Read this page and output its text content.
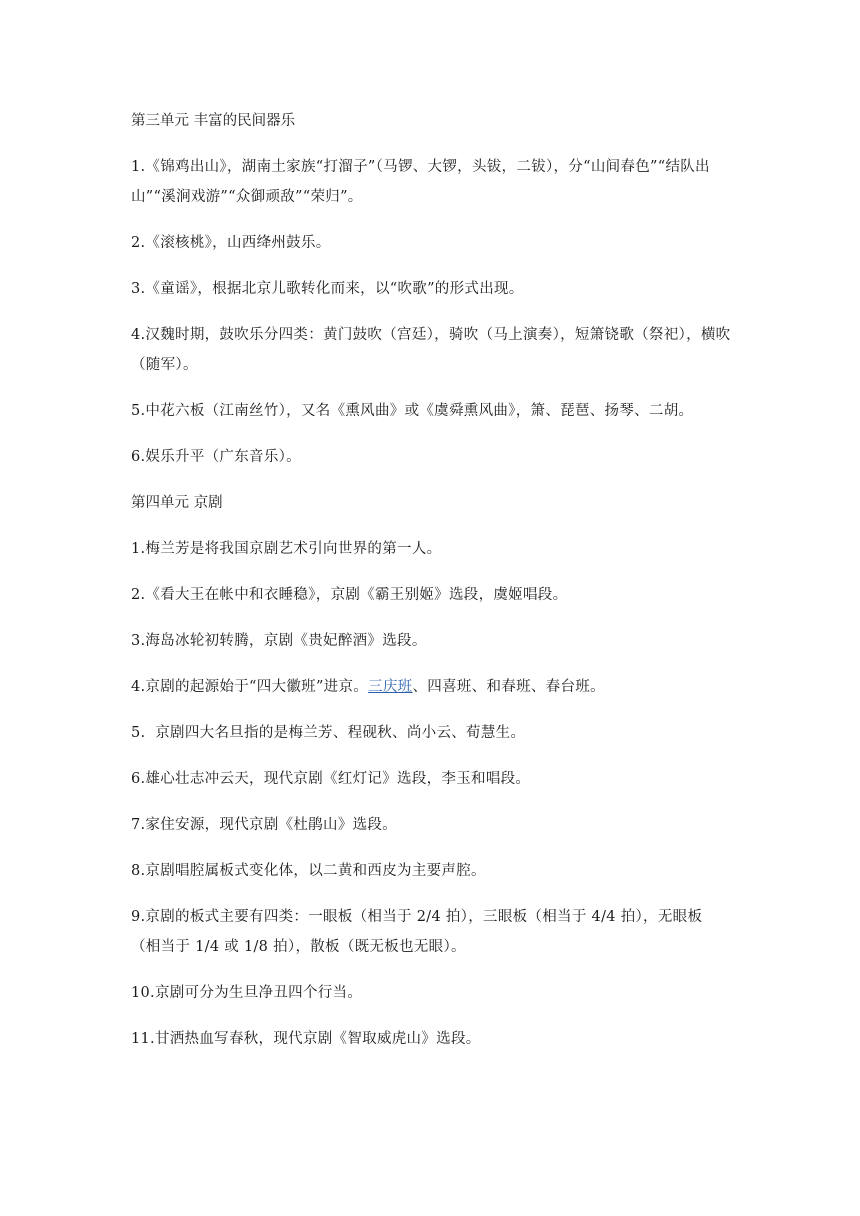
第三单元 丰富的民间器乐

1.《锦鸡出山》，湖南土家族“打溜子”（马锣、大锣，头钹，二钹），分“山间春色”“结队出山”“溪涧戏游”“众御顽敌”“荣归”。

2.《滚核桃》，山西绛州鼓乐。

3.《童谣》，根据北京儿歌转化而来，以“吹歌”的形式出现。

4.汉魏时期，鼓吹乐分四类：黄门鼓吹（宫廷），骑吹（马上演奏），短箫铙歌（祭祀），横吹（随军）。

5.中花六板（江南丝竹），又名《熏风曲》或《虞舜熏风曲》，箫、琵琶、扬琴、二胡。

6.娱乐升平（广东音乐）。

第四单元 京剧

1.梅兰芳是将我国京剧艺术引向世界的第一人。

2.《看大王在帐中和衣睡稳》，京剧《霸王别姬》选段，虞姬唱段。

3.海岛冰轮初转腾，京剧《贵妃醉酒》选段。

4.京剧的起源始于“四大徽班”进京。三庆班、四喜班、和春班、春台班。

5.  京剧四大名旦指的是梅兰芳、程砚秋、尚小云、荀慧生。

6.雄心壮志冲云天，现代京剧《红灯记》选段，李玉和唱段。

7.家住安源，现代京剧《杜鹃山》选段。

8.京剧唱腔属板式变化体，以二黄和西皮为主要声腔。

9.京剧的板式主要有四类：一眼板（相当于 2/4 拍），三眼板（相当于 4/4 拍），无眼板（相当于 1/4 或 1/8 拍），散板（既无板也无眼）。

10.京剧可分为生旦净丑四个行当。

11.甘洒热血写春秋，现代京剧《智取威虎山》选段。
